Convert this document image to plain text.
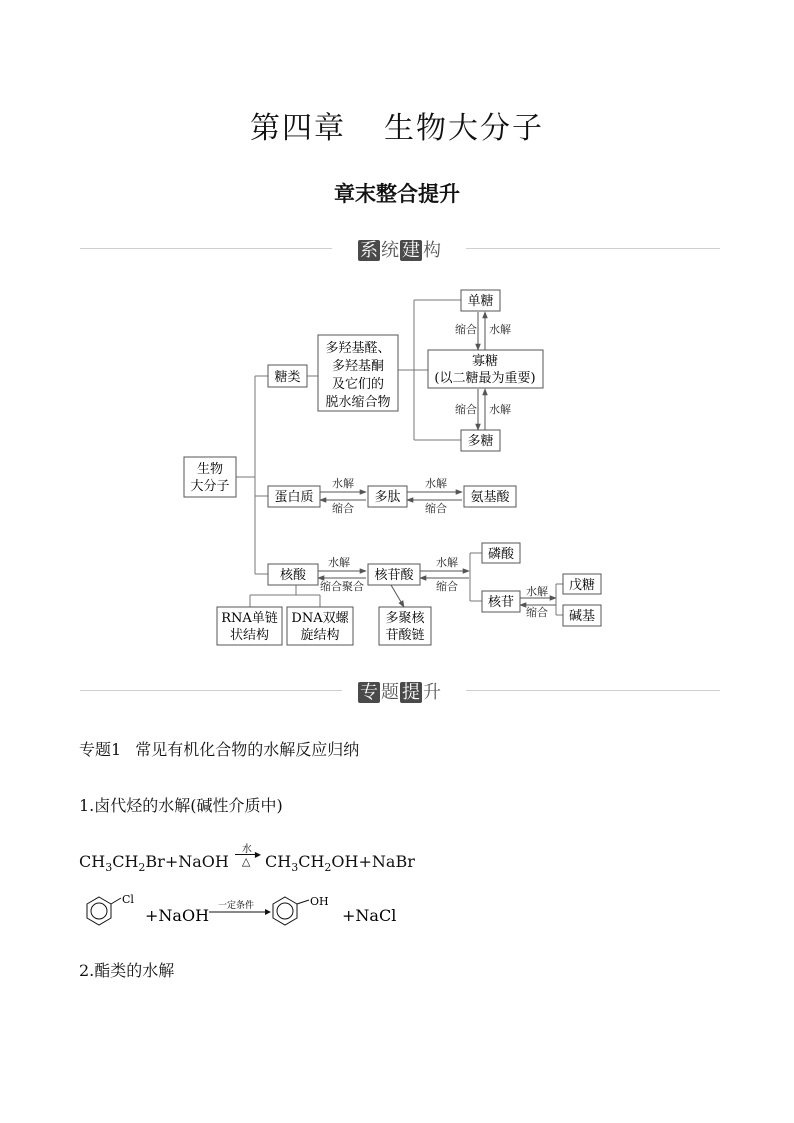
第四章 生物大分子
章末整合提升
系 统 建 构
生物
大分子
糖类
多羟基醛、
多羟基酮
及它们的
脱水缩合物
单糖
寡糖
(以二糖最为重要)
多糖
蛋白质	多肽	氨基酸
核酸	核苷酸
磷酸
核苷
戊糖
碱基
RNA单链
状结构
DNA双螺
旋结构
多聚核
苷酸链
缩合 水解
缩合 水解
水解
缩合
水解
缩合
水解
缩合聚合
水解
缩合	水解
缩合
专 题 提 升
专题1 常见有机化合物的水解反应归纳
1.卤代烃的水解(碱性介质中)
$CH_3CH_2Br+NaOH$
水 ▶
△ $CH_3CH_2OH+NaBr$
Cl
+NaOH 一定条件	OH
+NaCl
2.酯类的水解
